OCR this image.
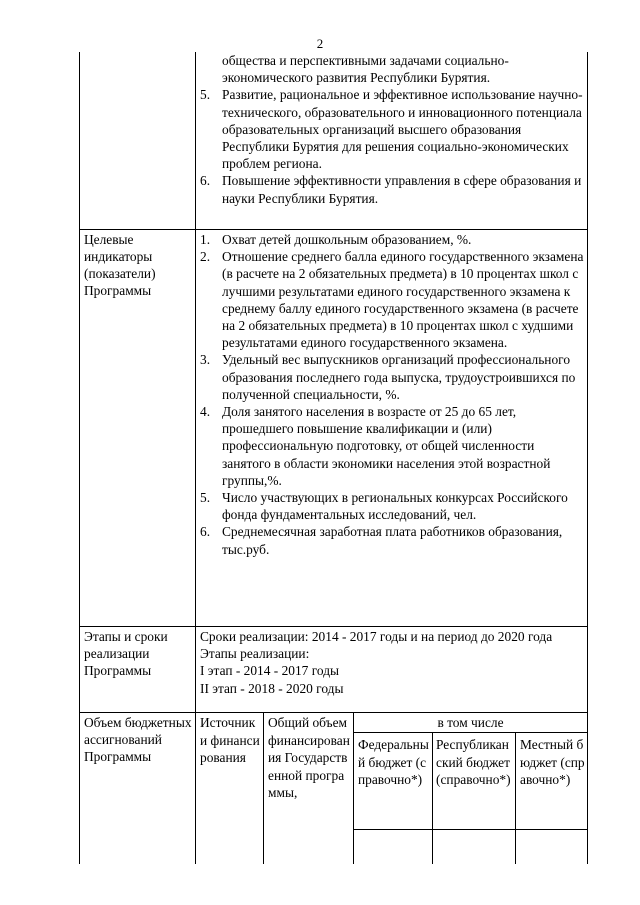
2
общества и перспективными задачами социально-экономического развития Республики Бурятия.
5. Развитие, рациональное и эффективное использование научно-технического, образовательного и инновационного потенциала образовательных организаций высшего образования Республики Бурятия для решения социально-экономических проблем региона.
6. Повышение эффективности управления в сфере образования и науки Республики Бурятия.
Целевые индикаторы (показатели) Программы
1. Охват детей дошкольным образованием, %.
2. Отношение среднего балла единого государственного экзамена (в расчете на 2 обязательных предмета) в 10 процентах школ с лучшими результатами единого государственного экзамена к среднему баллу единого государственного экзамена (в расчете на 2 обязательных предмета) в 10 процентах школ с худшими результатами единого государственного экзамена.
3. Удельный вес выпускников организаций профессионального образования последнего года выпуска, трудоустроившихся по полученной специальности, %.
4. Доля занятого населения в возрасте от 25 до 65 лет, прошедшего повышение квалификации и (или) профессиональную подготовку, от общей численности занятого в области экономики населения этой возрастной группы,%.
5. Число участвующих в региональных конкурсах Российского фонда фундаментальных исследований, чел.
6. Среднемесячная заработная плата работников образования, тыс.руб.
Этапы и сроки реализации Программы
Сроки реализации: 2014 - 2017 годы и на период до 2020 года
Этапы реализации:
I этап - 2014 - 2017 годы
II этап - 2018 - 2020 годы
Объем бюджетных ассигнований Программы
Источники финансирования
Общий объем финансирования Государственной программы,
в том числе
Федеральный бюджет (справочно*)
Республиканский бюджет (справочно*)
Местный бюджет (справочно*)
